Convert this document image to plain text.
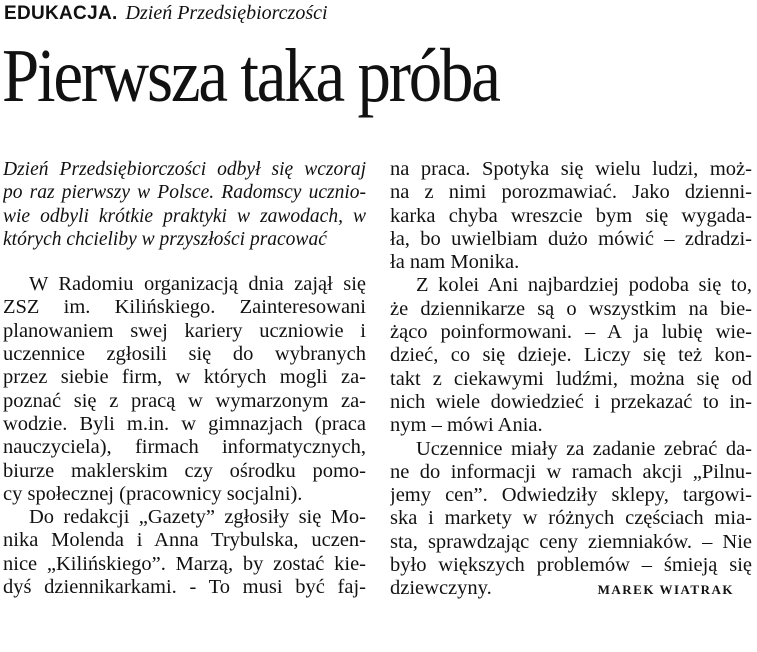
EDUKACJA. Dzień Przedsiębiorczości
Pierwsza taka próba
Dzień Przedsiębiorczości odbył się wczoraj
po raz pierwszy w Polsce. Radomscy ucznio-
wie odbyli krótkie praktyki w zawodach, w
których chcieliby w przyszłości pracować
W Radomiu organizacją dnia zajął się
ZSZ im. Kilińskiego. Zainteresowani
planowaniem swej kariery uczniowie i
uczennice zgłosili się do wybranych
przez siebie firm, w których mogli za-
poznać się z pracą w wymarzonym za-
wodzie. Byli m.in. w gimnazjach (praca
nauczyciela), firmach informatycznych,
biurze maklerskim czy ośrodku pomo-
cy społecznej (pracownicy socjalni).
Do redakcji „Gazety” zgłosiły się Mo-
nika Molenda i Anna Trybulska, uczen-
nice „Kilińskiego”. Marzą, by zostać kie-
dyś dziennikarkami. - To musi być faj-
na praca. Spotyka się wielu ludzi, moż-
na z nimi porozmawiać. Jako dzienni-
karka chyba wreszcie bym się wygada-
ła, bo uwielbiam dużo mówić – zdradzi-
ła nam Monika.
Z kolei Ani najbardziej podoba się to,
że dziennikarze są o wszystkim na bie-
żąco poinformowani. – A ja lubię wie-
dzieć, co się dzieje. Liczy się też kon-
takt z ciekawymi ludźmi, można się od
nich wiele dowiedzieć i przekazać to in-
nym – mówi Ania.
Uczennice miały za zadanie zebrać da-
ne do informacji w ramach akcji „Pilnu-
jemy cen”. Odwiedziły sklepy, targowi-
ska i markety w różnych częściach mia-
sta, sprawdzając ceny ziemniaków. – Nie
było większych problemów – śmieją się
dziewczyny.	MAREK WIATRAK
